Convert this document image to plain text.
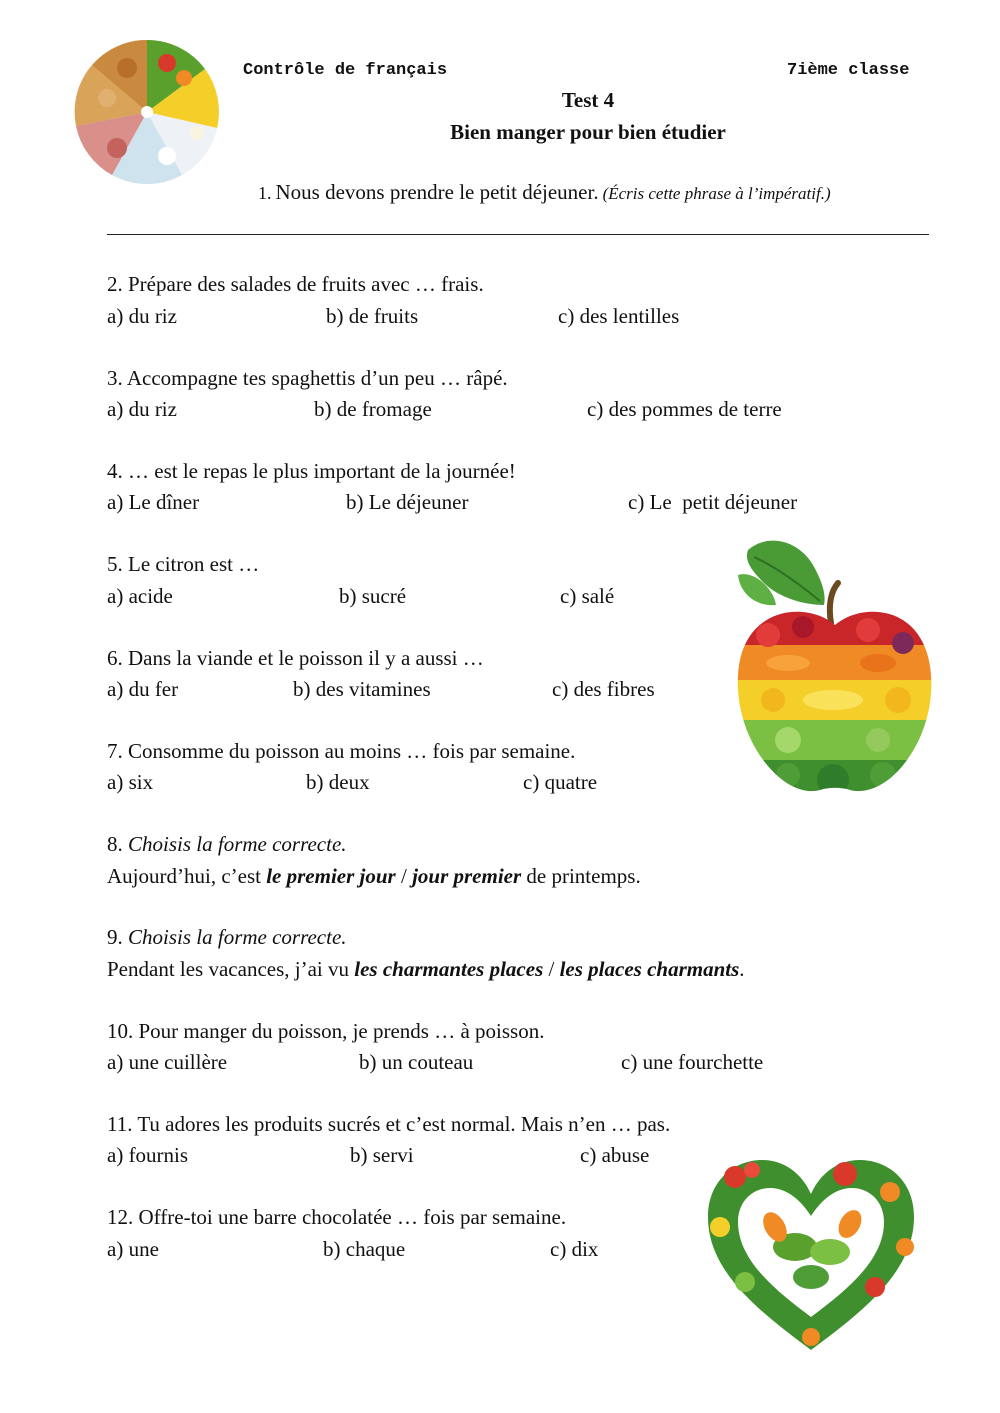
Contrôle de français	7ième classe
Test 4
Bien manger pour bien étudier
1. Nous devons prendre le petit déjeuner. (Écris cette phrase à l’impératif.)
2. Prépare des salades de fruits avec … frais.
a) du riz	b) de fruits	c) des lentilles
3. Accompagne tes spaghettis d’un peu … râpé.
a) du riz	b) de fromage	c) des pommes de terre
4. … est le repas le plus important de la journée!
a) Le dîner	b) Le déjeuner	c) Le  petit déjeuner
5. Le citron est …
a) acide	b) sucré	c) salé
6. Dans la viande et le poisson il y a aussi …
a) du fer	b) des vitamines	c) des fibres
7. Consomme du poisson au moins … fois par semaine.
a) six	b) deux	c) quatre
8. Choisis la forme correcte.
Aujourd’hui, c’est le premier jour / jour premier de printemps.
9. Choisis la forme correcte.
Pendant les vacances, j’ai vu les charmantes places / les places charmants.
10. Pour manger du poisson, je prends … à poisson.
a) une cuillère	b) un couteau	c) une fourchette
11. Tu adores les produits sucrés et c’est normal. Mais n’en … pas.
a) fournis	b) servi	c) abuse
12. Offre-toi une barre chocolatée … fois par semaine.
a) une	b) chaque	c) dix
